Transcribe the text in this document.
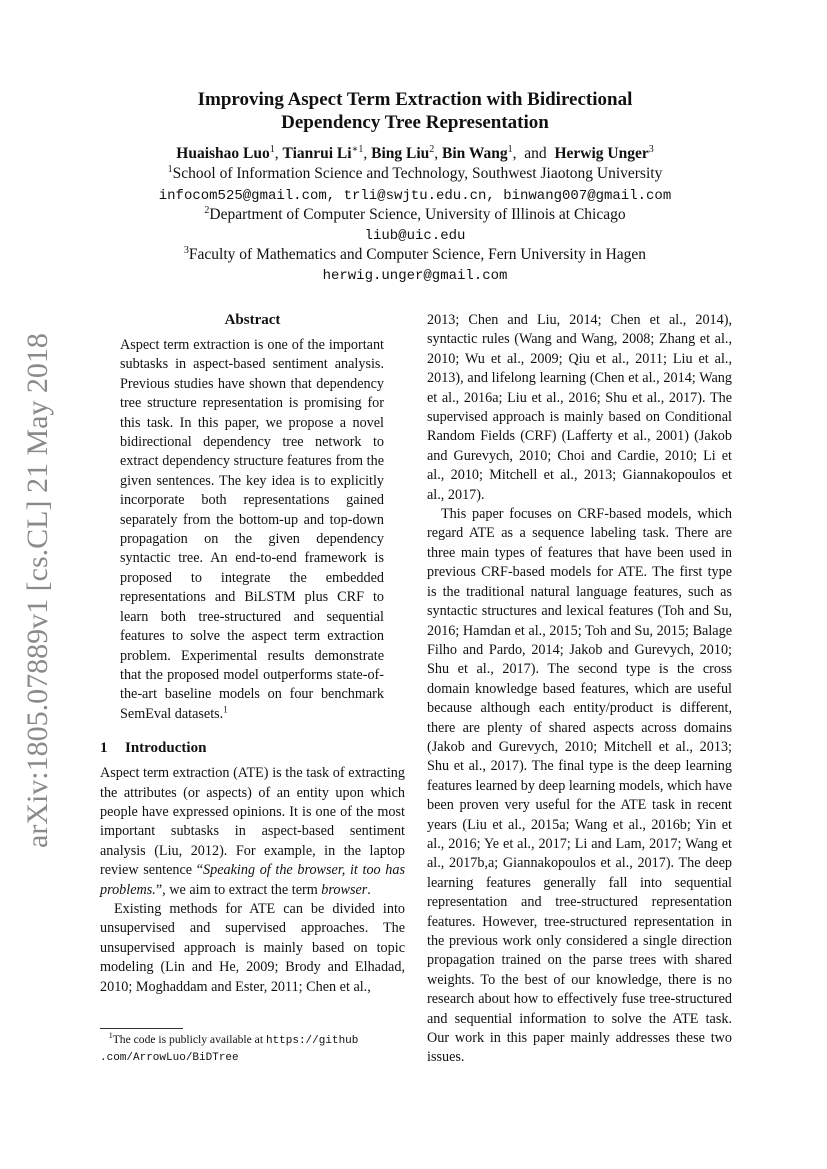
arXiv:1805.07889v1 [cs.CL] 21 May 2018
Improving Aspect Term Extraction with Bidirectional
Dependency Tree Representation
Huaishao Luo$^1$, Tianrui $Li^{∗1}$, Bing Liu$^2$, Bin Wang$^1$,  and Herwig Unger$^3$
$^1$School of Information Science and Technology, Southwest Jiaotong University
infocom525@gmail.com, trli@swjtu.edu.cn, binwang007@gmail.com
$^2$Department of Computer Science, University of Illinois at Chicago
liub@uic.edu
$^3$Faculty of Mathematics and Computer Science, Fern University in Hagen
herwig.unger@gmail.com
Abstract

Aspect term extraction is one of the important subtasks in aspect-based sentiment analysis. Previous studies have shown that dependency tree structure representation is promising for this task. In this paper, we propose a novel bidirectional dependency tree network to extract dependency structure features from the given sentences. The key idea is to explicitly incorporate both representations gained separately from the bottom-up and top-down propagation on the given dependency syntactic tree. An end-to-end framework is proposed to integrate the embedded representations and BiLSTM plus CRF to learn both tree-structured and sequential features to solve the aspect term extraction problem. Experimental results demonstrate that the proposed model outperforms state-of-the-art baseline models on four benchmark SemEval datasets.$^1$

1 Introduction

Aspect term extraction (ATE) is the task of extracting the attributes (or aspects) of an entity upon which people have expressed opinions. It is one of the most important subtasks in aspect-based sentiment analysis (Liu, 2012). For example, in the laptop review sentence “Speaking of the browser, it too has problems.”, we aim to extract the term browser.

Existing methods for ATE can be divided into unsupervised and supervised approaches. The unsupervised approach is mainly based on topic modeling (Lin and He, 2009; Brody and Elhadad, 2010; Moghaddam and Ester, 2011; Chen et al.,

2013; Chen and Liu, 2014; Chen et al., 2014), syntactic rules (Wang and Wang, 2008; Zhang et al., 2010; Wu et al., 2009; Qiu et al., 2011; Liu et al., 2013), and lifelong learning (Chen et al., 2014; Wang et al., 2016a; Liu et al., 2016; Shu et al., 2017). The supervised approach is mainly based on Conditional Random Fields (CRF) (Lafferty et al., 2001) (Jakob and Gurevych, 2010; Choi and Cardie, 2010; Li et al., 2010; Mitchell et al., 2013; Giannakopoulos et al., 2017).

This paper focuses on CRF-based models, which regard ATE as a sequence labeling task. There are three main types of features that have been used in previous CRF-based models for ATE. The first type is the traditional natural language features, such as syntactic structures and lexical features (Toh and Su, 2016; Hamdan et al., 2015; Toh and Su, 2015; Balage Filho and Pardo, 2014; Jakob and Gurevych, 2010; Shu et al., 2017). The second type is the cross domain knowledge based features, which are useful because although each entity/product is different, there are plenty of shared aspects across domains (Jakob and Gurevych, 2010; Mitchell et al., 2013; Shu et al., 2017). The final type is the deep learning features learned by deep learning models, which have been proven very useful for the ATE task in recent years (Liu et al., 2015a; Wang et al., 2016b; Yin et al., 2016; Ye et al., 2017; Li and Lam, 2017; Wang et al., 2017b,a; Giannakopoulos et al., 2017). The deep learning features generally fall into sequential representation and tree-structured representation features. However, tree-structured representation in the previous work only considered a single direction propagation trained on the parse trees with shared weights. To the best of our knowledge, there is no research about how to effectively fuse tree-structured and sequential information to solve the ATE task. Our work in this paper mainly addresses these two issues.

$^1$The code is publicly available at https://github
.com/ArrowLuo/BiDTree
